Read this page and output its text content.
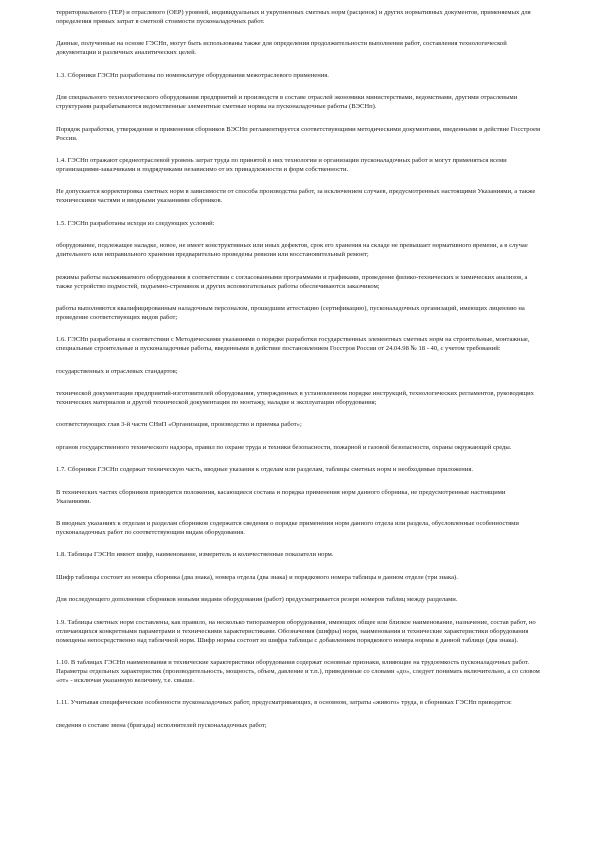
территориального (ТЕР) и отраслевого (ОЕР) уровней, индивидуальных и укрупненных сметных норм (расценок) и других нормативных документов, применяемых для определения прямых затрат в сметной стоимости пусконаладочных работ.

Данные, полученные на основе ГЭСНп, могут быть использованы также для определения продолжительности выполнения работ, составления технологической документации и различных аналитических целей.

1.3. Сборники ГЭСНп разработаны по номенклатуре оборудования межотраслевого применения.

Для специального технологического оборудования предприятий и производств в составе отраслей экономики министерствами, ведомствами, другими отраслевыми структурами разрабатываются ведомственные элементные сметные нормы на пусконаладочные работы (ВЭСНп).

Порядок разработки, утверждения и применения сборников ВЭСНп регламентируется соответствующими методическими документами, введенными в действие Госстроем России.

1.4. ГЭСНп отражают среднеотраслевой уровень затрат труда по принятой в них технологии и организации пусконаладочных работ и могут применяться всеми организациями-заказчиками и подрядчиками независимо от их принадлежности и форм собственности.

Не допускается корректировка сметных норм в зависимости от способа производства работ, за исключением случаев, предусмотренных настоящими Указаниями, а также техническими частями и вводными указаниями сборников.

1.5. ГЭСНп разработаны исходя из следующих условий:

оборудование, подлежащее наладке, новое, не имеет конструктивных или иных дефектов, срок его хранения на складе не превышает нормативного времени, а в случае длительного или неправильного хранения предварительно проведены ревизия или восстановительный ремонт;

режимы работы налаживаемого оборудования в соответствии с согласованными программами и графиками, проведение физико-технических и химических анализов, а также устройство подмостей, подъемно-стремянок и других вспомогательных работы обеспечиваются заказчиком;

работы выполняются квалифицированным наладочным персоналом, прошедшим аттестацию (сертификацию), пусконаладочных организаций, имеющих лицензию на проведение соответствующих видов работ;

1.6. ГЭСНп разработаны в соответствии с Методическими указаниями о порядке разработки государственных элементных сметных норм на строительные, монтажные, специальные строительные и пусконаладочные работы, введенными в действие постановлением Госстроя России от 24.04.98 № 18 - 40, с учетом требований:

государственных и отраслевых стандартов;

технической документации предприятий-изготовителей оборудования, утвержденных в установленном порядке инструкций, технологических регламентов, руководящих технических материалов и другой технической документации по монтажу, наладке и эксплуатации оборудования;

соответствующих глав 3-й части СНиП «Организация, производство и приемка работ»;

органов государственного технического надзора, правил по охране труда и техники безопасности, пожарной и газовой безопасности, охраны окружающей среды.

1.7. Сборники ГЭСНп содержат техническую часть, вводные указания к отделам или разделам, таблицы сметных норм и необходимые приложения.

В технических частях сборников приводятся положения, касающиеся состава и порядка применения норм данного сборника, не предусмотренные настоящими Указаниями.

В вводных указаниях к отделам и разделам сборников содержатся сведения о порядке применения норм данного отдела или раздела, обусловленные особенностями пусконаладочных работ по соответствующим видам оборудования.

1.8. Таблицы ГЭСНп имеют шифр, наименование, измеритель и количественные показатели норм.

Шифр таблицы состоит из номера сборника (два знака), номера отдела (два знака) и порядкового номера таблицы в данном отделе (три знака).

Для последующего дополнения сборников новыми видами оборудования (работ) предусматривается резерв номеров таблиц между разделами.

1.9. Таблицы сметных норм составлены, как правило, на несколько типоразмеров оборудования, имеющих общее или близкое наименование, назначение, состав работ, но отличающихся конкретными параметрами и техническими характеристиками. Обозначения (шифры) норм, наименования и технические характеристики оборудования помещены непосредственно над табличной норм. Шифр нормы состоит из шифра таблицы с добавлением порядкового номера нормы в данной таблице (два знака).

1.10. В таблицах ГЭСНп наименования и технические характеристики оборудования содержат основные признаки, влияющие на трудоемкость пусконаладочных работ. Параметры отдельных характеристик (производительность, мощность, объем, давление и т.п.), приведенные со словами «до», следует понимать включительно, а со словом «от» - исключая указанную величину, т.е. свыше.

1.11. Учитывая специфические особенности пусконаладочных работ, предусматривающих, в основном, затраты «живого» труда, в сборниках ГЭСНп приводятся:

сведения о составе звена (бригады) исполнителей пусконаладочных работ;
